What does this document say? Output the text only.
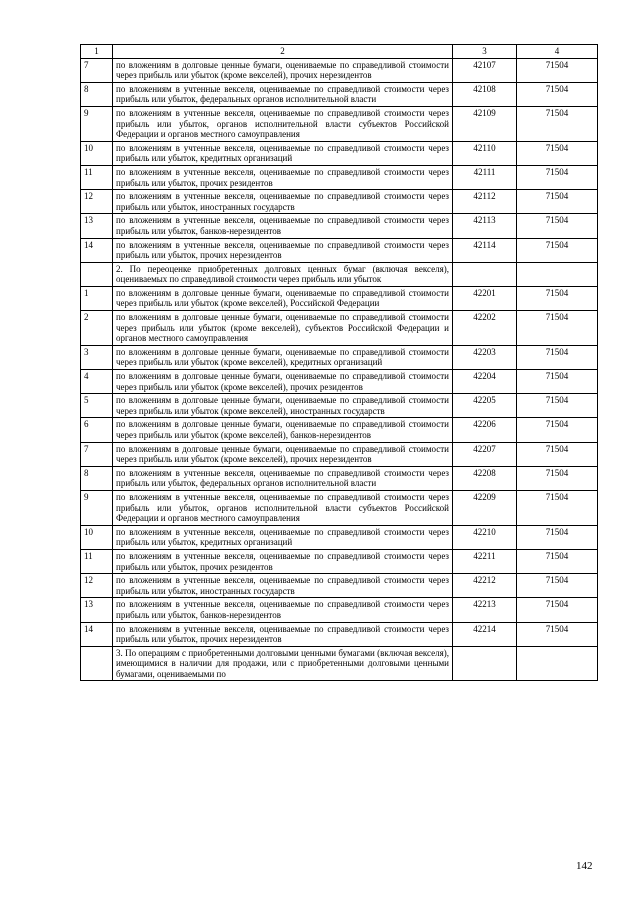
1	2	3	4
7	по вложениям в долговые ценные бумаги, оцениваемые по справедливой стоимости через прибыль или убыток (кроме векселей), прочих нерезидентов	42107	71504
8	по вложениям в учтенные векселя, оцениваемые по справедливой стоимости через прибыль или убыток, федеральных органов исполнительной власти	42108	71504
9	по вложениям в учтенные векселя, оцениваемые по справедливой стоимости через прибыль или убыток, органов исполнительной власти субъектов Российской Федерации и органов местного самоуправления	42109	71504
10	по вложениям в учтенные векселя, оцениваемые по справедливой стоимости через прибыль или убыток, кредитных организаций	42110	71504
11	по вложениям в учтенные векселя, оцениваемые по справедливой стоимости через прибыль или убыток, прочих резидентов	42111	71504
12	по вложениям в учтенные векселя, оцениваемые по справедливой стоимости через прибыль или убыток, иностранных государств	42112	71504
13	по вложениям в учтенные векселя, оцениваемые по справедливой стоимости через прибыль или убыток, банков-нерезидентов	42113	71504
14	по вложениям в учтенные векселя, оцениваемые по справедливой стоимости через прибыль или убыток, прочих нерезидентов	42114	71504
	2. По переоценке приобретенных долговых ценных бумаг (включая векселя), оцениваемых по справедливой стоимости через прибыль или убыток		
1	по вложениям в долговые ценные бумаги, оцениваемые по справедливой стоимости через прибыль или убыток (кроме векселей), Российской Федерации	42201	71504
2	по вложениям в долговые ценные бумаги, оцениваемые по справедливой стоимости через прибыль или убыток (кроме векселей), субъектов Российской Федерации и органов местного самоуправления	42202	71504
3	по вложениям в долговые ценные бумаги, оцениваемые по справедливой стоимости через прибыль или убыток (кроме векселей), кредитных организаций	42203	71504
4	по вложениям в долговые ценные бумаги, оцениваемые по справедливой стоимости через прибыль или убыток (кроме векселей), прочих резидентов	42204	71504
5	по вложениям в долговые ценные бумаги, оцениваемые по справедливой стоимости через прибыль или убыток (кроме векселей), иностранных государств	42205	71504
6	по вложениям в долговые ценные бумаги, оцениваемые по справедливой стоимости через прибыль или убыток (кроме векселей), банков-нерезидентов	42206	71504
7	по вложениям в долговые ценные бумаги, оцениваемые по справедливой стоимости через прибыль или убыток (кроме векселей), прочих нерезидентов	42207	71504
8	по вложениям в учтенные векселя, оцениваемые по справедливой стоимости через прибыль или убыток, федеральных органов исполнительной власти	42208	71504
9	по вложениям в учтенные векселя, оцениваемые по справедливой стоимости через прибыль или убыток, органов исполнительной власти субъектов Российской Федерации и органов местного самоуправления	42209	71504
10	по вложениям в учтенные векселя, оцениваемые по справедливой стоимости через прибыль или убыток, кредитных организаций	42210	71504
11	по вложениям в учтенные векселя, оцениваемые по справедливой стоимости через прибыль или убыток, прочих резидентов	42211	71504
12	по вложениям в учтенные векселя, оцениваемые по справедливой стоимости через прибыль или убыток, иностранных государств	42212	71504
13	по вложениям в учтенные векселя, оцениваемые по справедливой стоимости через прибыль или убыток, банков-нерезидентов	42213	71504
14	по вложениям в учтенные векселя, оцениваемые по справедливой стоимости через прибыль или убыток, прочих нерезидентов	42214	71504
	3. По операциям с приобретенными долговыми ценными бумагами (включая векселя), имеющимися в наличии для продажи, или с приобретенными долговыми ценными бумагами, оцениваемыми по		
142
